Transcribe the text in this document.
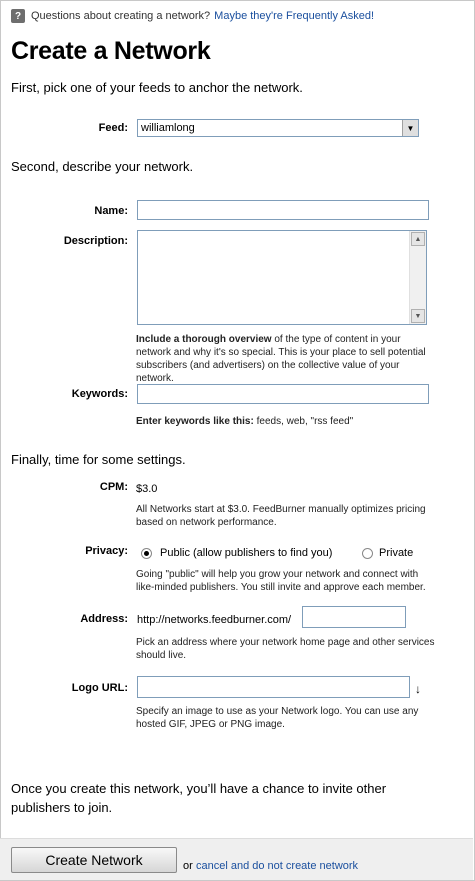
? Questions about creating a network? Maybe they're Frequently Asked!
Create a Network
First, pick one of your feeds to anchor the network.
Feed: williamlong	▼
Second, describe your network.
Name:
Description:	▲
▼
Include a thorough overview of the type of content in your network and why it's so special. This is your place to sell potential subscribers (and advertisers) on the collective value of your network.
Keywords:
Enter keywords like this: feeds, web, "rss feed"
Finally, time for some settings.
CPM: $3.0
All Networks start at $3.0. FeedBurner manually optimizes pricing based on network performance.
Privacy:	Public (allow publishers to find you)	Private
Going "public" will help you grow your network and connect with like-minded publishers. You still invite and approve each member.
Address: http://networks.feedburner.com/
Pick an address where your network home page and other services should live.
Logo URL:	↓
Specify an image to use as your Network logo. You can use any hosted GIF, JPEG or PNG image.
Once you create this network, you’ll have a chance to invite other publishers to join.
Create Network	or cancel and do not create network
